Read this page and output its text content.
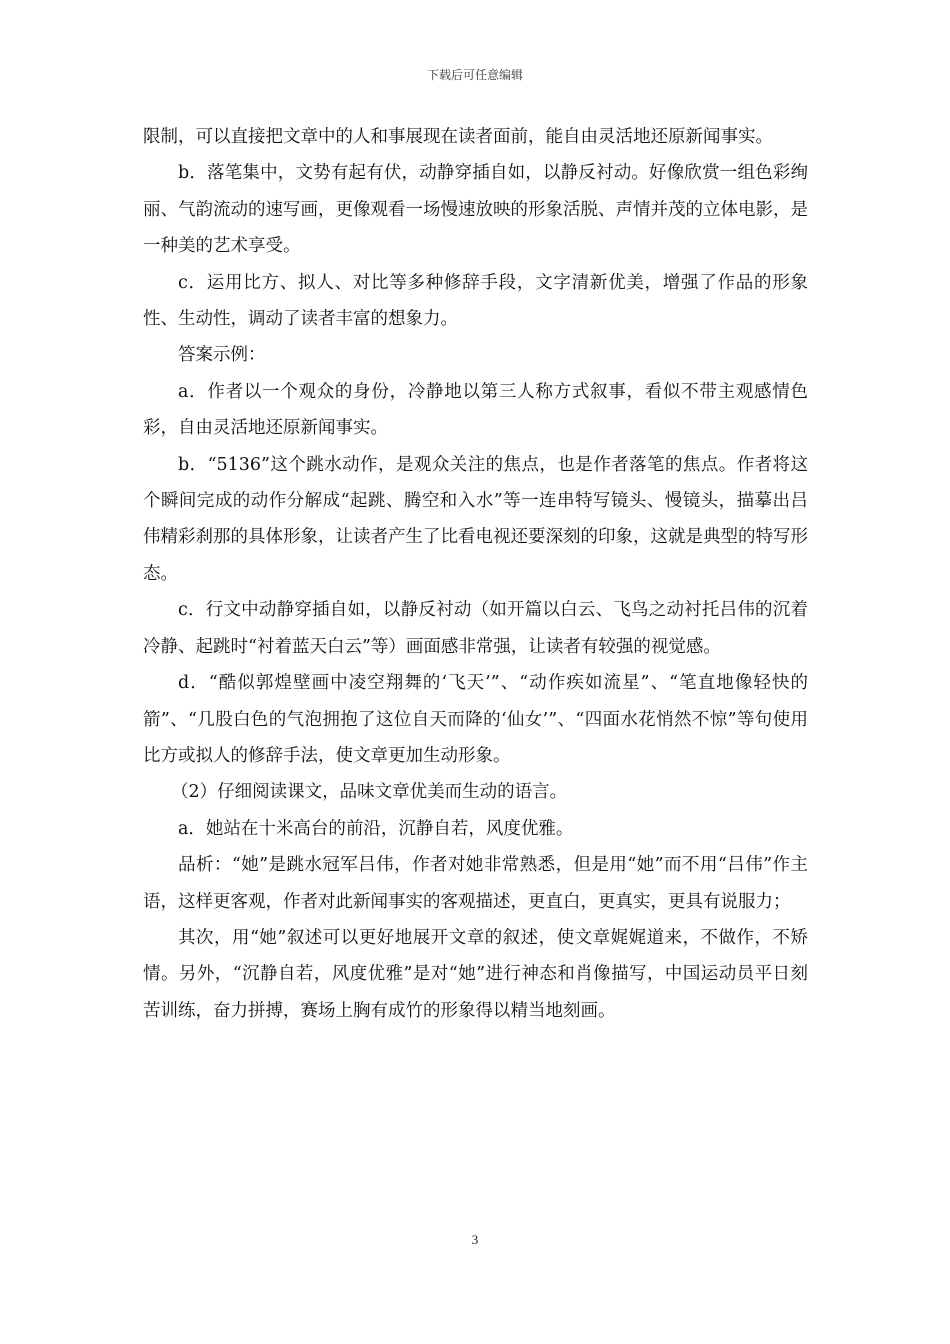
下载后可任意编辑

限制，可以直接把文章中的人和事展现在读者面前，能自由灵活地还原新闻事实。

b．落笔集中，文势有起有伏，动静穿插自如，以静反衬动。好像欣赏一组色彩绚丽、气韵流动的速写画，更像观看一场慢速放映的形象活脱、声情并茂的立体电影，是一种美的艺术享受。

c．运用比方、拟人、对比等多种修辞手段，文字清新优美，增强了作品的形象性、生动性，调动了读者丰富的想象力。

答案示例：

a．作者以一个观众的身份，冷静地以第三人称方式叙事，看似不带主观感情色彩，自由灵活地还原新闻事实。

b．“5136”这个跳水动作，是观众关注的焦点，也是作者落笔的焦点。作者将这个瞬间完成的动作分解成“起跳、腾空和入水”等一连串特写镜头、慢镜头，描摹出吕伟精彩刹那的具体形象，让读者产生了比看电视还要深刻的印象，这就是典型的特写形态。

c．行文中动静穿插自如，以静反衬动（如开篇以白云、飞鸟之动衬托吕伟的沉着冷静、起跳时“衬着蓝天白云”等）画面感非常强，让读者有较强的视觉感。

d．“酷似郭煌壁画中凌空翔舞的‘飞天’”、“动作疾如流星”、“笔直地像轻快的箭”、“几股白色的气泡拥抱了这位自天而降的‘仙女’”、“四面水花悄然不惊”等句使用比方或拟人的修辞手法，使文章更加生动形象。

（2）仔细阅读课文，品味文章优美而生动的语言。

a．她站在十米高台的前沿，沉静自若，风度优雅。

品析：“她”是跳水冠军吕伟，作者对她非常熟悉，但是用“她”而不用“吕伟”作主语，这样更客观，作者对此新闻事实的客观描述，更直白，更真实，更具有说服力；

其次，用“她”叙述可以更好地展开文章的叙述，使文章娓娓道来，不做作，不矫情。另外，“沉静自若，风度优雅”是对“她”进行神态和肖像描写，中国运动员平日刻苦训练，奋力拼搏，赛场上胸有成竹的形象得以精当地刻画。

3
